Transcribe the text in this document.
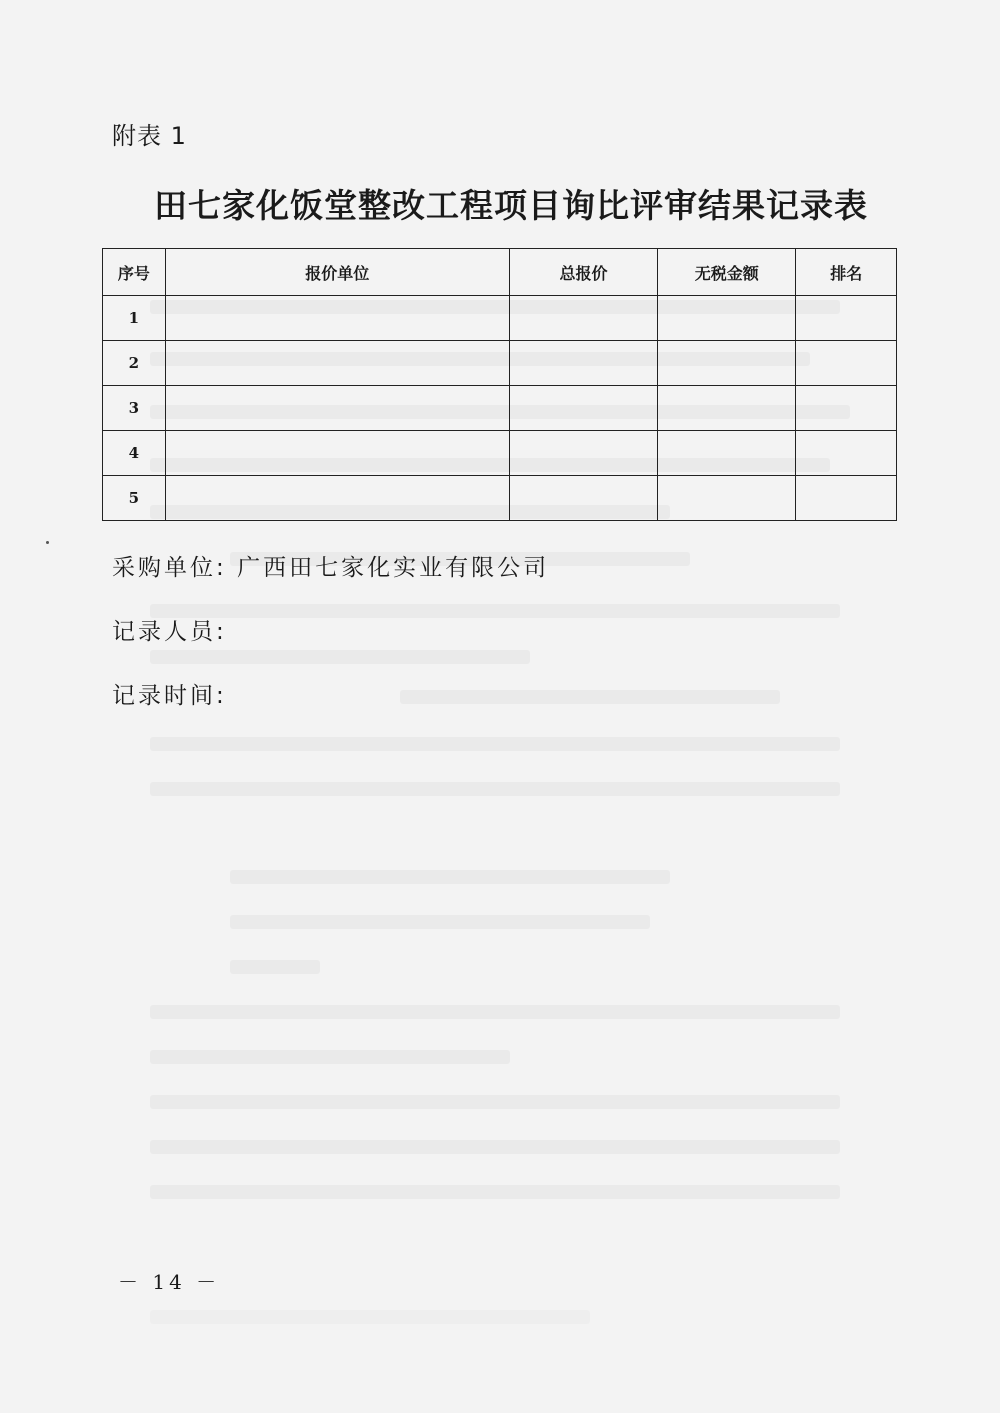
附表 1
田七家化饭堂整改工程项目询比评审结果记录表
序号	报价单位	总报价	无税金额	排名
1				
2				
3				
4				
5				
采购单位: 广西田七家化实业有限公司
记录人员:
记录时间:
－ 14 －
